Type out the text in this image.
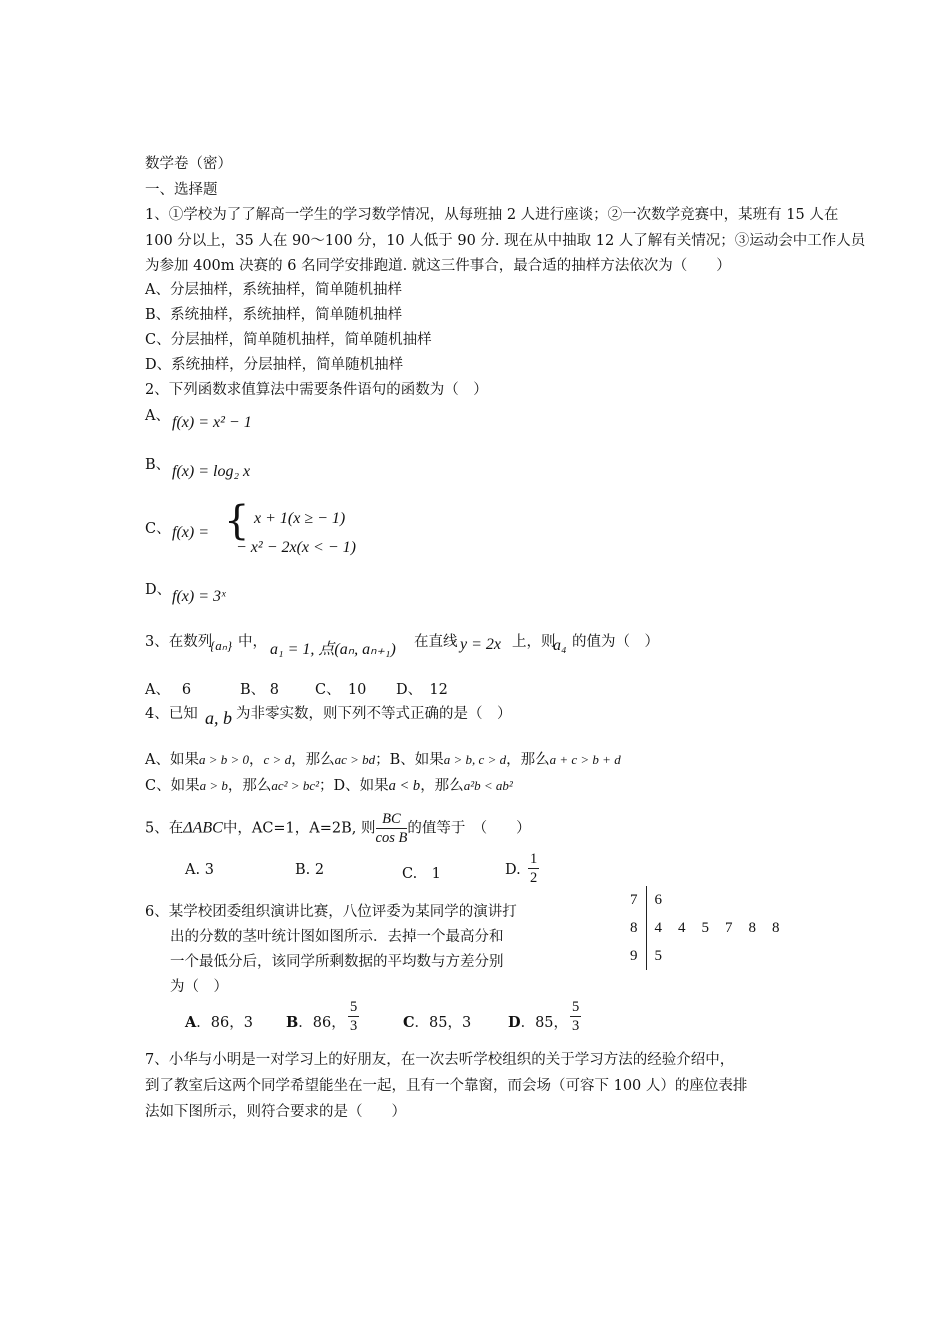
数学卷（密）
一、选择题
1、①学校为了了解高一学生的学习数学情况，从每班抽 2 人进行座谈；②一次数学竞赛中，某班有 15 人在
100 分以上，35 人在 90～100 分，10 人低于 90 分. 现在从中抽取 12 人了解有关情况；③运动会中工作人员
为参加 400m 决赛的 6 名同学安排跑道. 就这三件事合，最合适的抽样方法依次为（　　）
A、分层抽样，系统抽样，简单随机抽样
B、系统抽样，系统抽样，简单随机抽样
C、分层抽样，简单随机抽样，简单随机抽样
D、系统抽样，分层抽样，简单随机抽样
2、下列函数求值算法中需要条件语句的函数为（　）
A、 f(x) = x² − 1
B、 f(x) = log₂ x
C、 f(x) = { x + 1(x ≥ − 1)
− x² − 2x(x < − 1)
D、 f(x) = 3ˣ
3、在数列
{aₙ} 中， a₁ = 1, 点(aₙ, aₙ₊₁) 在直线 y = 2x 上，则
a₄ 的值为（　）
A、　 6	B、 8 C、　10 D、　12
4、已知 a, b 为非零实数，则下列不等式正确的是（　）
A、如果a > b > 0，c > d，那么ac > bd；B、如果a > b, c > d，那么a + c > b + d
C、如果a > b，那么ac² > bc²；D、如果a < b，那么a²b < ab²
5、在ΔABC中，AC=1，A=2B, 则 $\frac{BC}{\text{cos B}}$ 的值等于　（　　）
A. 3	B. 2	C.　1	D. $\frac{1}{2}$
6、某学校团委组织演讲比赛，八位评委为某同学的演讲打
出的分数的茎叶统计图如图所示．去掉一个最高分和
一个最低分后，该同学所剩数据的平均数与方差分别
为（　）
7	6					
8	4	4	5	7	8	8
9	5					
A．86，3 B．86， $\frac{5}{3}$	C．85，3	D．85， $\frac{5}{3}$
7、小华与小明是一对学习上的好朋友，在一次去听学校组织的关于学习方法的经验介绍中，
到了教室后这两个同学希望能坐在一起，且有一个靠窗，而会场（可容下 100 人）的座位表排
法如下图所示，则符合要求的是（　　）
